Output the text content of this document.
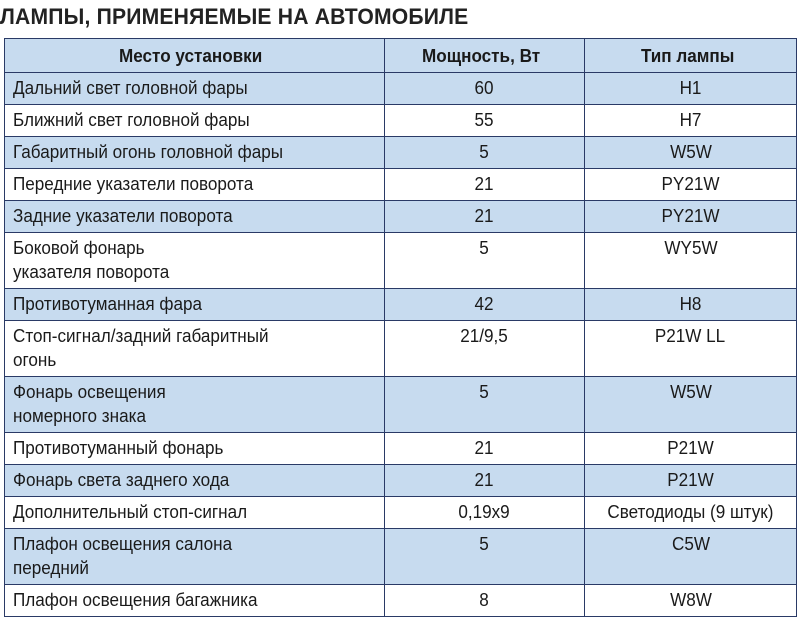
ЛАМПЫ, ПРИМЕНЯЕМЫЕ НА АВТОМОБИЛЕ
Место установки	Мощность, Вт	Тип лампы
Дальний свет головной фары	60	H1
Ближний свет головной фары	55	H7
Габаритный огонь головной фары	5	W5W
Передние указатели поворота	21	PY21W
Задние указатели поворота	21	PY21W
Боковой фонарь
указателя поворота	5	WY5W
Противотуманная фара	42	H8
Стоп-сигнал/задний габаритный
огонь	21/9,5	P21W LL
Фонарь освещения
номерного знака	5	W5W
Противотуманный фонарь	21	P21W
Фонарь света заднего хода	21	P21W
Дополнительный стоп-сигнал	0,19x9	Светодиоды (9 штук)
Плафон освещения салона
передний	5	C5W
Плафон освещения багажника	8	W8W
